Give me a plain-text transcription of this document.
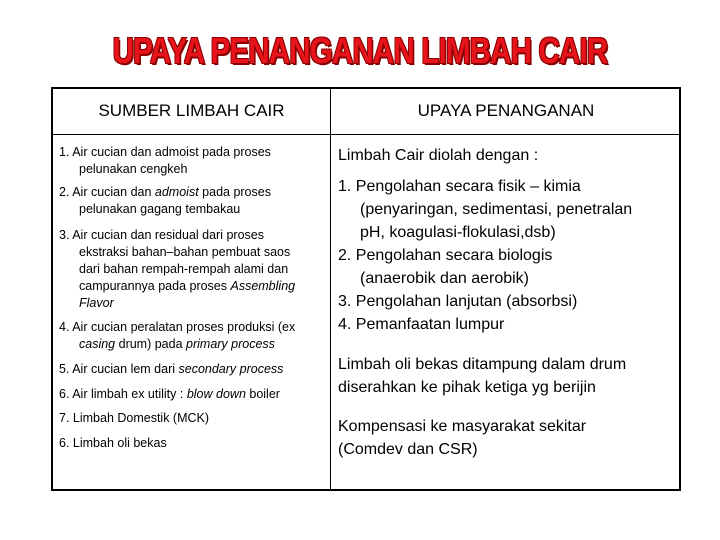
UPAYA PENANGANAN LIMBAH CAIR
SUMBER LIMBAH CAIR	UPAYA PENANGANAN
1. Air cucian dan admoist pada proses
pelunakan cengkeh
2. Air cucian dan admoist pada proses
pelunakan gagang tembakau
3. Air cucian dan residual dari proses
ekstraksi bahan–bahan pembuat saos
dari bahan rempah-rempah alami dan
campurannya pada proses Assembling
Flavor
4. Air cucian peralatan proses produksi (ex
casing drum) pada primary process
5. Air cucian lem dari secondary process
6. Air limbah ex utility : blow down boiler
7. Limbah Domestik (MCK)
6. Limbah oli bekas
Limbah Cair diolah dengan :
1. Pengolahan secara fisik – kimia
(penyaringan, sedimentasi, penetralan
pH, koagulasi-flokulasi,dsb)
2. Pengolahan secara biologis
(anaerobik dan aerobik)
3. Pengolahan lanjutan (absorbsi)
4. Pemanfaatan lumpur
Limbah oli bekas ditampung dalam drum
diserahkan ke pihak ketiga yg berijin
Kompensasi ke masyarakat sekitar
(Comdev dan CSR)
